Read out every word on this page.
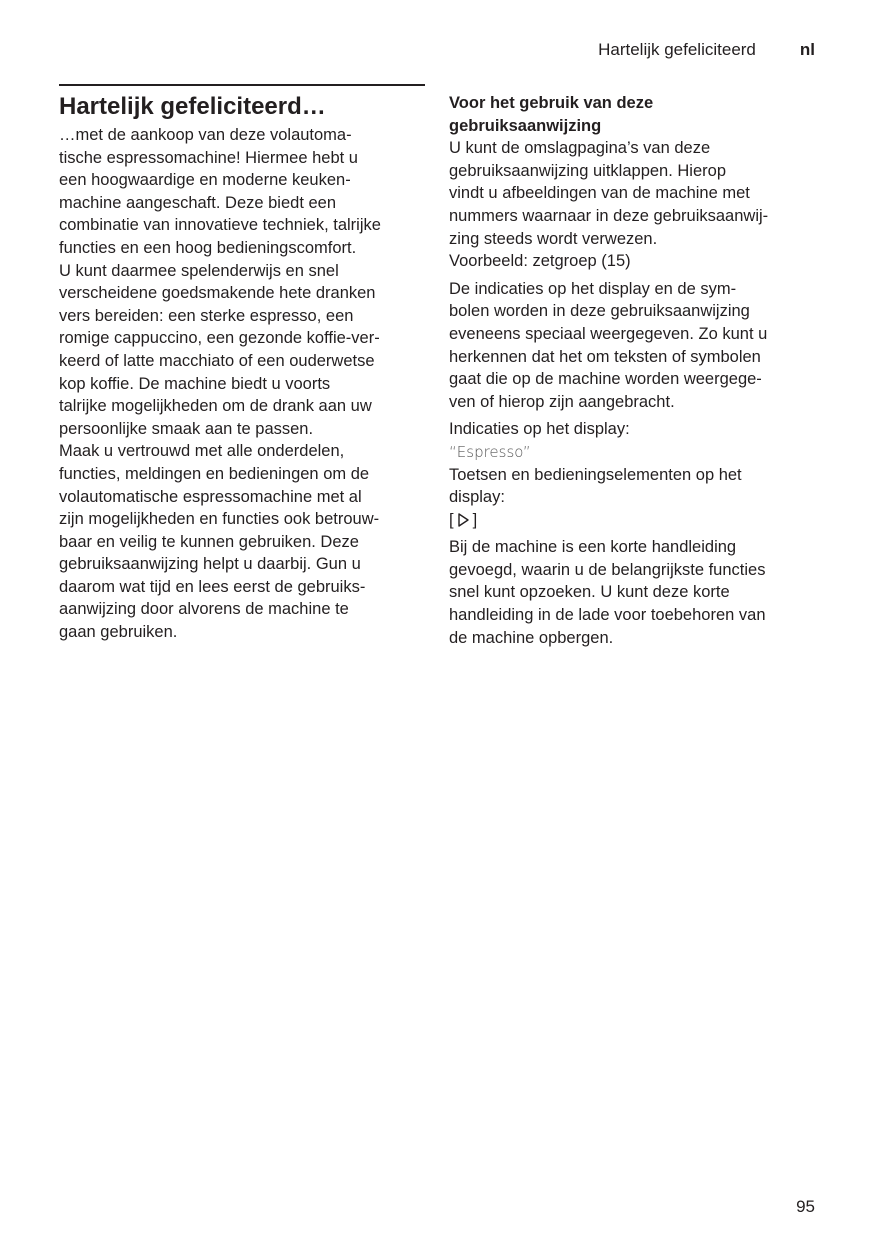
Hartelijk gefeliciteerd	nl
Hartelijk gefeliciteerd…

…met de aankoop van deze volautoma-
tische espressomachine! Hiermee hebt u
een hoogwaardige en moderne keuken-
machine aangeschaft. Deze biedt een
combinatie van innovatieve techniek, talrijke
functies en een hoog bedieningscomfort.
U kunt daarmee spelenderwijs en snel
verscheidene goedsmakende hete dranken
vers bereiden: een sterke espresso, een
romige cappuccino, een gezonde koffie-ver-
keerd of latte macchiato of een ouderwetse
kop koffie. De machine biedt u voorts
talrijke mogelijkheden om de drank aan uw
persoonlijke smaak aan te passen.
Maak u vertrouwd met alle onderdelen,
functies, meldingen en bedieningen om de
volautomatische espressomachine met al
zijn mogelijkheden en functies ook betrouw-
baar en veilig te kunnen gebruiken. Deze
gebruiksaanwijzing helpt u daarbij. Gun u
daarom wat tijd en lees eerst de gebruiks-
aanwijzing door alvorens de machine te
gaan gebruiken.

Voor het gebruik van deze
gebruiksaanwijzing

U kunt de omslagpagina’s van deze
gebruiksaanwijzing uitklappen. Hierop
vindt u afbeeldingen van de machine met
nummers waarnaar in deze gebruiksaanwij-
zing steeds wordt verwezen.
Voorbeeld: zetgroep (15)

De indicaties op het display en de sym-
bolen worden in deze gebruiksaanwijzing
eveneens speciaal weergegeven. Zo kunt u
herkennen dat het om teksten of symbolen
gaat die op de machine worden weergege-
ven of hierop zijn aangebracht.

Indicaties op het display:

“Espresso”

Toetsen en bedieningselementen op het
display:

[ ]

Bij de machine is een korte handleiding
gevoegd, waarin u de belangrijkste functies
snel kunt opzoeken. U kunt deze korte
handleiding in de lade voor toebehoren van
de machine opbergen.

95
